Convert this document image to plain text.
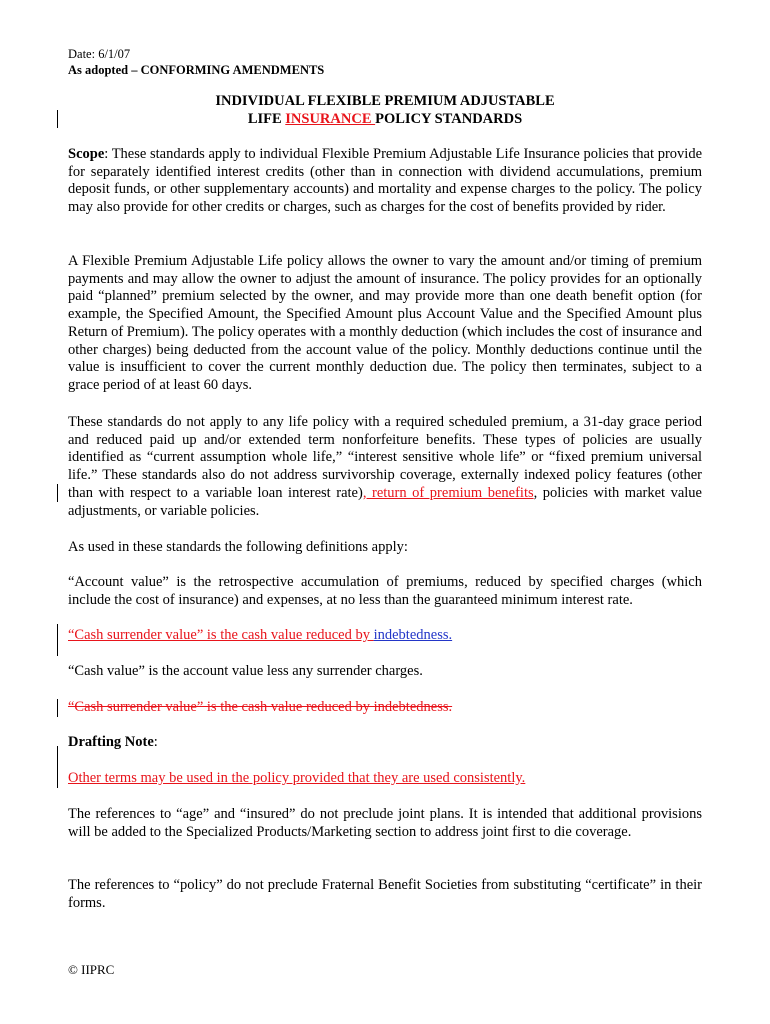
Date: 6/1/07
As adopted – CONFORMING AMENDMENTS
INDIVIDUAL FLEXIBLE PREMIUM ADJUSTABLE
LIFE INSURANCE POLICY STANDARDS

Scope: These standards apply to individual Flexible Premium Adjustable Life Insurance policies that provide for separately identified interest credits (other than in connection with dividend accumulations, premium deposit funds, or other supplementary accounts) and mortality and expense charges to the policy. The policy may also provide for other credits or charges, such as charges for the cost of benefits provided by rider.

A Flexible Premium Adjustable Life policy allows the owner to vary the amount and/or timing of premium payments and may allow the owner to adjust the amount of insurance. The policy provides for an optionally paid “planned” premium selected by the owner, and may provide more than one death benefit option (for example, the Specified Amount, the Specified Amount plus Account Value and the Specified Amount plus Return of Premium). The policy operates with a monthly deduction (which includes the cost of insurance and other charges) being deducted from the account value of the policy. Monthly deductions continue until the value is insufficient to cover the current monthly deduction due. The policy then terminates, subject to a grace period of at least 60 days.

These standards do not apply to any life policy with a required scheduled premium, a 31-day grace period and reduced paid up and/or extended term nonforfeiture benefits. These types of policies are usually identified as “current assumption whole life,” “interest sensitive whole life” or “fixed premium universal life.” These standards also do not address survivorship coverage, externally indexed policy features (other than with respect to a variable loan interest rate), return of premium benefits, policies with market value adjustments, or variable policies.

As used in these standards the following definitions apply:

“Account value” is the retrospective accumulation of premiums, reduced by specified charges (which include the cost of insurance) and expenses, at no less than the guaranteed minimum interest rate.

“Cash surrender value” is the cash value reduced by indebtedness.

“Cash value” is the account value less any surrender charges.

“Cash surrender value” is the cash value reduced by indebtedness.

Drafting Note:

Other terms may be used in the policy provided that they are used consistently.

The references to “age” and “insured” do not preclude joint plans. It is intended that additional provisions will be added to the Specialized Products/Marketing section to address joint first to die coverage.

The references to “policy” do not preclude Fraternal Benefit Societies from substituting “certificate” in their forms.

© IIPRC
